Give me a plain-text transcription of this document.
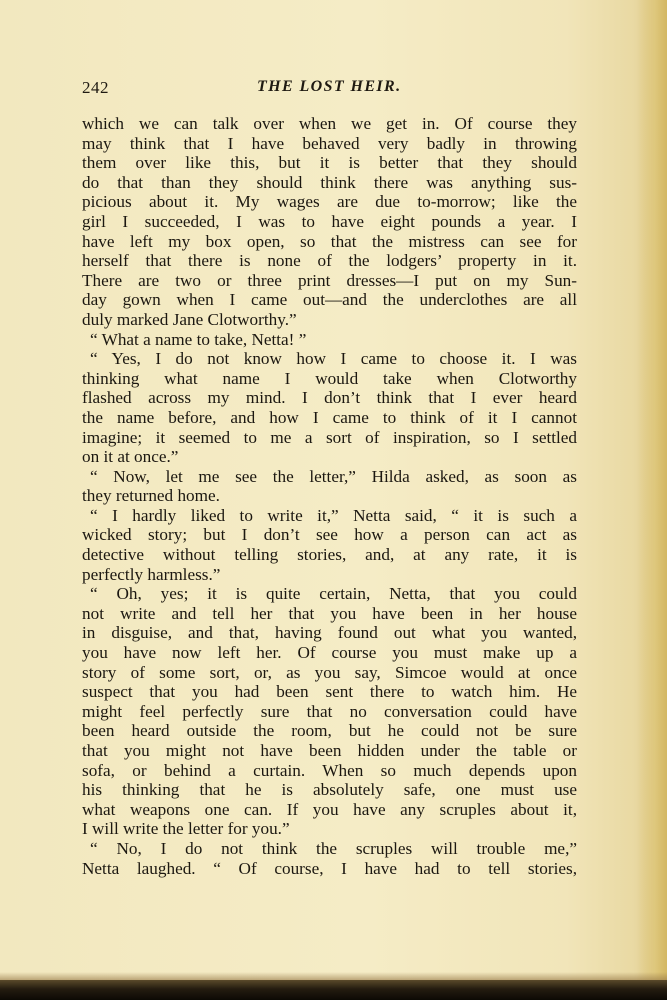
242	THE LOST HEIR.
which we can talk over when we get in. Of course they
may think that I have behaved very badly in throwing
them over like this, but it is better that they should
do that than they should think there was anything sus-
picious about it. My wages are due to-morrow; like the
girl I succeeded, I was to have eight pounds a year. I
have left my box open, so that the mistress can see for
herself that there is none of the lodgers’ property in it.
There are two or three print dresses—I put on my Sun-
day gown when I came out—and the underclothes are all
duly marked Jane Clotworthy.”
“ What a name to take, Netta! ”
“ Yes, I do not know how I came to choose it. I was
thinking what name I would take when Clotworthy
flashed across my mind. I don’t think that I ever heard
the name before, and how I came to think of it I cannot
imagine; it seemed to me a sort of inspiration, so I settled
on it at once.”
“ Now, let me see the letter,” Hilda asked, as soon as
they returned home.
“ I hardly liked to write it,” Netta said, “ it is such a
wicked story; but I don’t see how a person can act as
detective without telling stories, and, at any rate, it is
perfectly harmless.”
“ Oh, yes; it is quite certain, Netta, that you could
not write and tell her that you have been in her house
in disguise, and that, having found out what you wanted,
you have now left her. Of course you must make up a
story of some sort, or, as you say, Simcoe would at once
suspect that you had been sent there to watch him. He
might feel perfectly sure that no conversation could have
been heard outside the room, but he could not be sure
that you might not have been hidden under the table or
sofa, or behind a curtain. When so much depends upon
his thinking that he is absolutely safe, one must use
what weapons one can. If you have any scruples about it,
I will write the letter for you.”
“ No, I do not think the scruples will trouble me,”
Netta laughed. “ Of course, I have had to tell stories,
